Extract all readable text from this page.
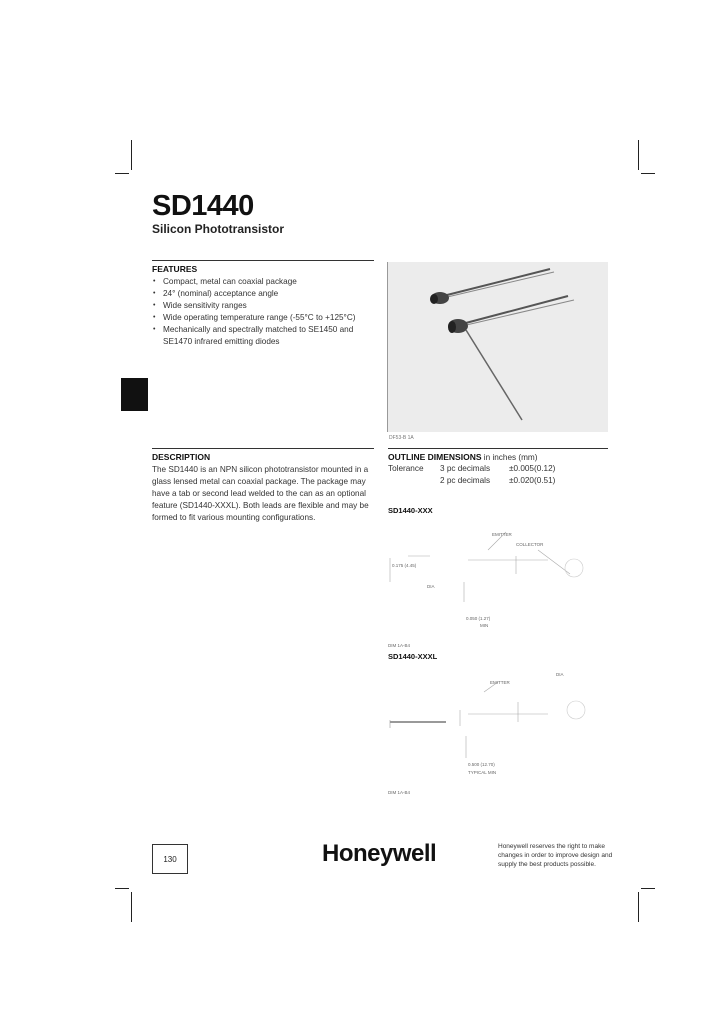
SD1440
Silicon Phototransistor
FEATURES
• Compact, metal can coaxial package
• 24° (nominal) acceptance angle
• Wide sensitivity ranges
• Wide operating temperature range (-55°C to +125°C)
• Mechanically and spectrally matched to SE1450 and SE1470 infrared emitting diodes
DF53-B 1A
DESCRIPTION
The SD1440 is an NPN silicon phototransistor mounted in a glass lensed metal can coaxial package. The package may have a tab or second lead welded to the can as an optional feature (SD1440-XXXL). Both leads are flexible and may be formed to fit various mounting configurations.
OUTLINE DIMENSIONS in inches (mm)
Tolerance 3 pc decimals ±0.005(0.12)
2 pc decimals ±0.020(0.51)
SD1440-XXX
EMITTER
COLLECTOR
0.175 (4.45)
DIA
0.050 (1.27)
MIN
DIM 1A-B4
SD1440-XXXL
EMITTER
DIA
0.500 (12.70)
TYPICAL MIN
DIM 1A-B4
130	Honeywell	Honeywell reserves the right to make changes in order to improve design and supply the best products possible.
